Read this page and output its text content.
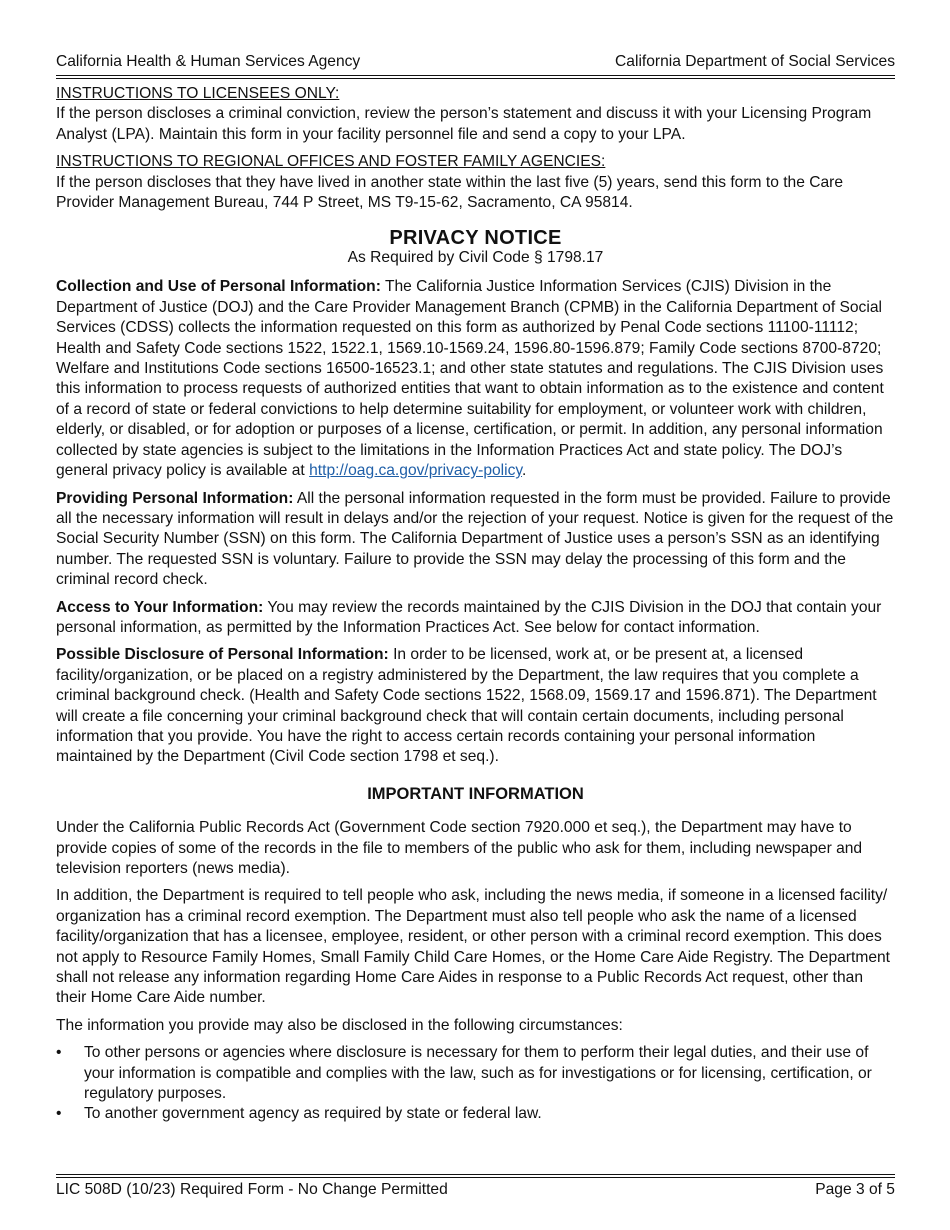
California Health & Human Services Agency	California Department of Social Services

INSTRUCTIONS TO LICENSEES ONLY:

If the person discloses a criminal conviction, review the person’s statement and discuss it with your Licensing Program Analyst (LPA). Maintain this form in your facility personnel file and send a copy to your LPA.

INSTRUCTIONS TO REGIONAL OFFICES AND FOSTER FAMILY AGENCIES:

If the person discloses that they have lived in another state within the last five (5) years, send this form to the Care Provider Management Bureau, 744 P Street, MS T9-15-62, Sacramento, CA 95814.

PRIVACY NOTICE
As Required by Civil Code § 1798.17

Collection and Use of Personal Information: The California Justice Information Services (CJIS) Division in the Department of Justice (DOJ) and the Care Provider Management Branch (CPMB) in the California Department of Social Services (CDSS) collects the information requested on this form as authorized by Penal Code sections 11100-11112; Health and Safety Code sections 1522, 1522.1, 1569.10-1569.24, 1596.80-1596.879; Family Code sections 8700-8720; Welfare and Institutions Code sections 16500-16523.1; and other state statutes and regulations. The CJIS Division uses this information to process requests of authorized entities that want to obtain information as to the existence and content of a record of state or federal convictions to help determine suitability for employment, or volunteer work with children, elderly, or disabled, or for adoption or purposes of a license, certification, or permit. In addition, any personal information collected by state agencies is subject to the limitations in the Information Practices Act and state policy. The DOJ’s general privacy policy is available at http://oag.ca.gov/privacy-policy.

Providing Personal Information: All the personal information requested in the form must be provided. Failure to provide all the necessary information will result in delays and/or the rejection of your request. Notice is given for the request of the Social Security Number (SSN) on this form. The California Department of Justice uses a person’s SSN as an identifying number. The requested SSN is voluntary. Failure to provide the SSN may delay the processing of this form and the criminal record check.

Access to Your Information: You may review the records maintained by the CJIS Division in the DOJ that contain your personal information, as permitted by the Information Practices Act. See below for contact information.

Possible Disclosure of Personal Information: In order to be licensed, work at, or be present at, a licensed facility/organization, or be placed on a registry administered by the Department, the law requires that you complete a criminal background check. (Health and Safety Code sections 1522, 1568.09, 1569.17 and 1596.871). The Department will create a file concerning your criminal background check that will contain certain documents, including personal information that you provide. You have the right to access certain records containing your personal information maintained by the Department (Civil Code section 1798 et seq.).

IMPORTANT INFORMATION

Under the California Public Records Act (Government Code section 7920.000 et seq.), the Department may have to provide copies of some of the records in the file to members of the public who ask for them, including newspaper and television reporters (news media).

In addition, the Department is required to tell people who ask, including the news media, if someone in a licensed facility/ organization has a criminal record exemption. The Department must also tell people who ask the name of a licensed facility/organization that has a licensee, employee, resident, or other person with a criminal record exemption. This does not apply to Resource Family Homes, Small Family Child Care Homes, or the Home Care Aide Registry. The Department shall not release any information regarding Home Care Aides in response to a Public Records Act request, other than their Home Care Aide number.

The information you provide may also be disclosed in the following circumstances:

• To other persons or agencies where disclosure is necessary for them to perform their legal duties, and their use of your information is compatible and complies with the law, such as for investigations or for licensing, certification, or regulatory purposes.
• To another government agency as required by state or federal law.
LIC 508D (10/23) Required Form - No Change Permitted	Page 3 of 5
